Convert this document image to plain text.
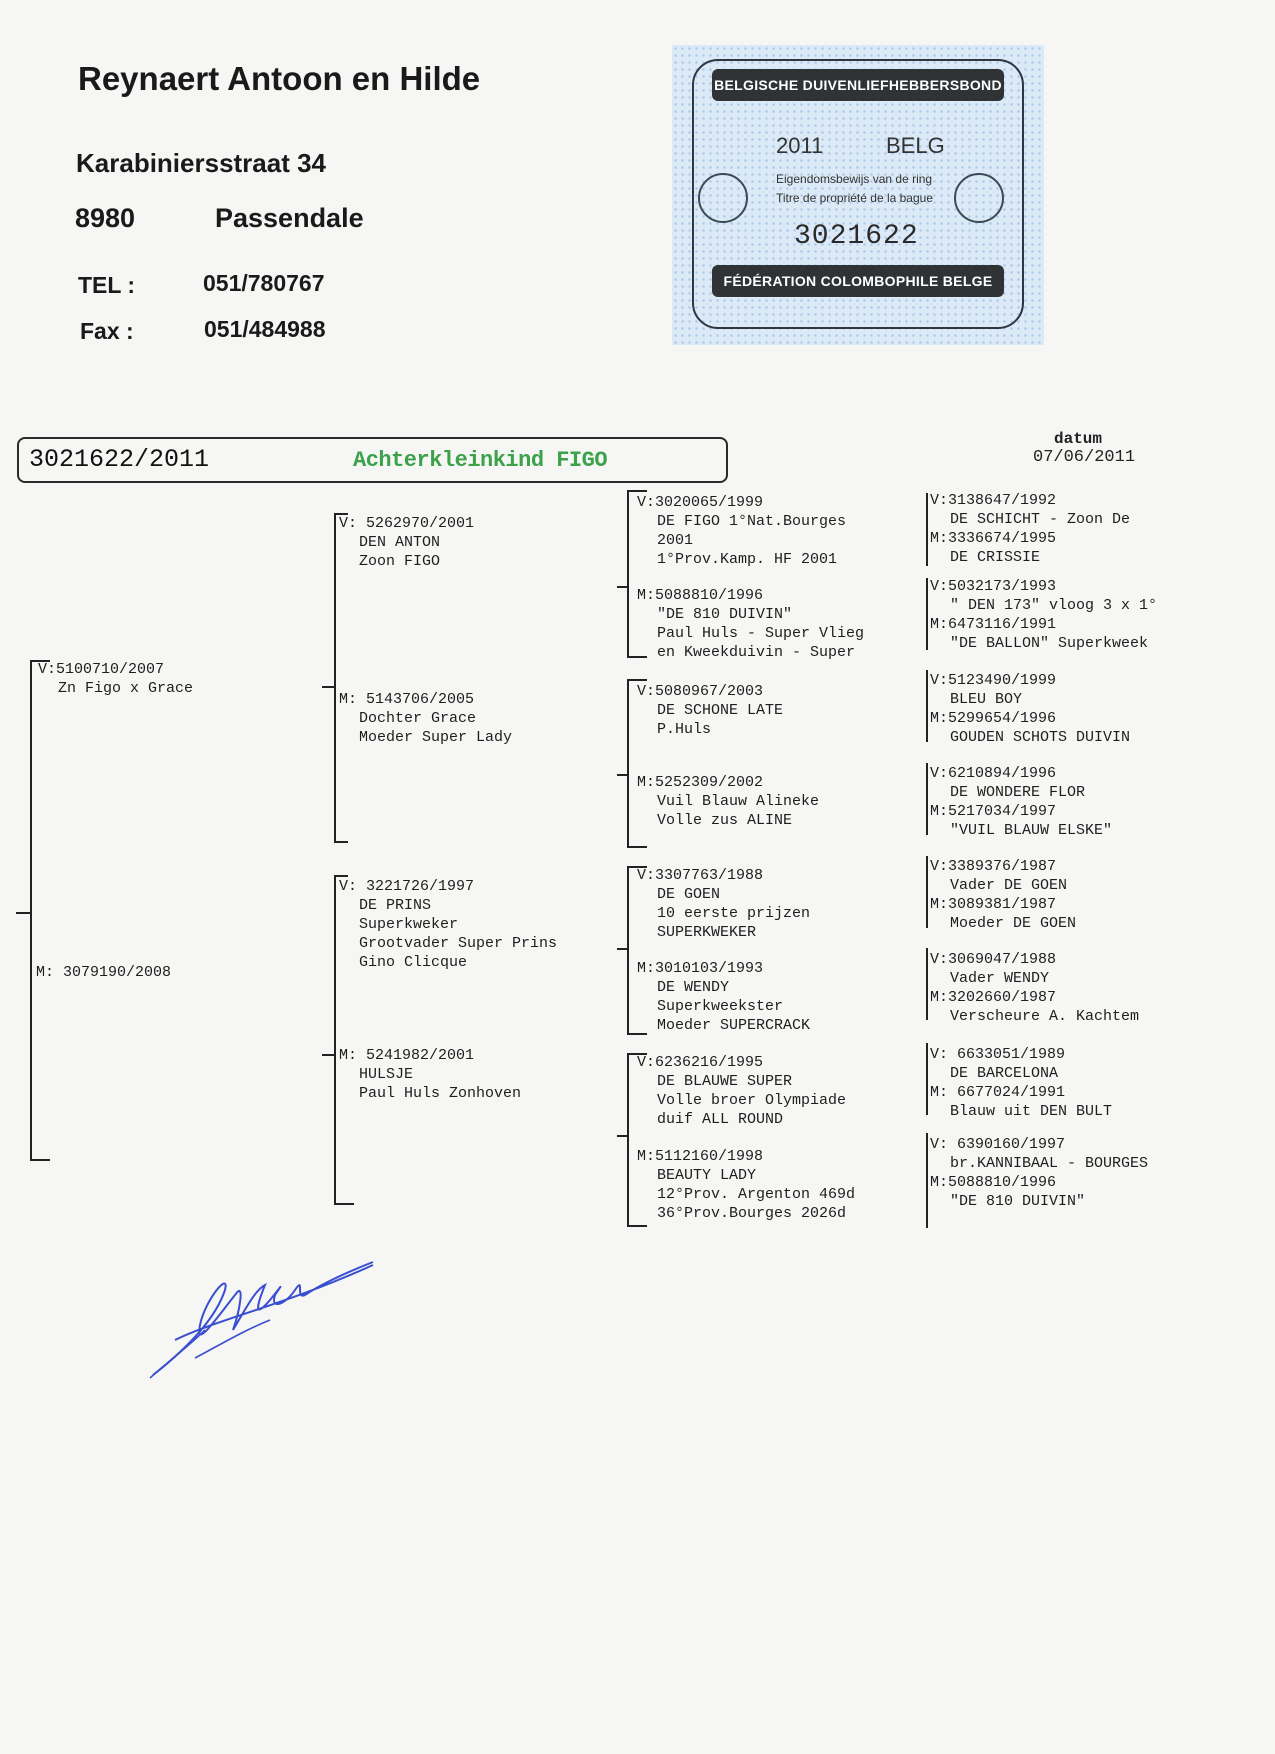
Reynaert Antoon en Hilde
Karabiniersstraat 34
8980	Passendale
TEL :	051/780767
Fax :	051/484988
BELGISCHE DUIVENLIEFHEBBERSBOND
2011	BELG
Eigendomsbewijs van de ring
Titre de propriété de la bague
3021622
FÉDÉRATION COLOMBOPHILE BELGE
3021622/2011	Achterkleinkind FIGO
datum
07/06/2011
V:5100710/2007
Zn Figo x Grace
M: 3079190/2008
V: 5262970/2001
DEN ANTON
Zoon FIGO
M: 5143706/2005
Dochter Grace
Moeder Super Lady
V: 3221726/1997
DE PRINS
Superkweker
Grootvader Super Prins
Gino Clicque
M: 5241982/2001
HULSJE
Paul Huls Zonhoven
V:3020065/1999
DE FIGO 1°Nat.Bourges
2001
1°Prov.Kamp. HF 2001
M:5088810/1996
"DE 810 DUIVIN"
Paul Huls - Super Vlieg
en Kweekduivin - Super
V:5080967/2003
DE SCHONE LATE
P.Huls
M:5252309/2002
Vuil Blauw Alineke
Volle zus ALINE
V:3307763/1988
DE GOEN
10 eerste prijzen
SUPERKWEKER
M:3010103/1993
DE WENDY
Superkweekster
Moeder SUPERCRACK
V:6236216/1995
DE BLAUWE SUPER
Volle broer Olympiade
duif ALL ROUND
M:5112160/1998
BEAUTY LADY
12°Prov. Argenton 469d
36°Prov.Bourges 2026d
V:3138647/1992
DE SCHICHT - Zoon De
M:3336674/1995
DE CRISSIE
V:5032173/1993
" DEN 173" vloog 3 x 1°
M:6473116/1991
"DE BALLON" Superkweek
V:5123490/1999
BLEU BOY
M:5299654/1996
GOUDEN SCHOTS DUIVIN
V:6210894/1996
DE WONDERE FLOR
M:5217034/1997
"VUIL BLAUW ELSKE"
V:3389376/1987
Vader DE GOEN
M:3089381/1987
Moeder DE GOEN
V:3069047/1988
Vader WENDY
M:3202660/1987
Verscheure A. Kachtem
V: 6633051/1989
DE BARCELONA
M: 6677024/1991
Blauw uit DEN BULT
V: 6390160/1997
br.KANNIBAAL - BOURGES
M:5088810/1996
"DE 810 DUIVIN"
